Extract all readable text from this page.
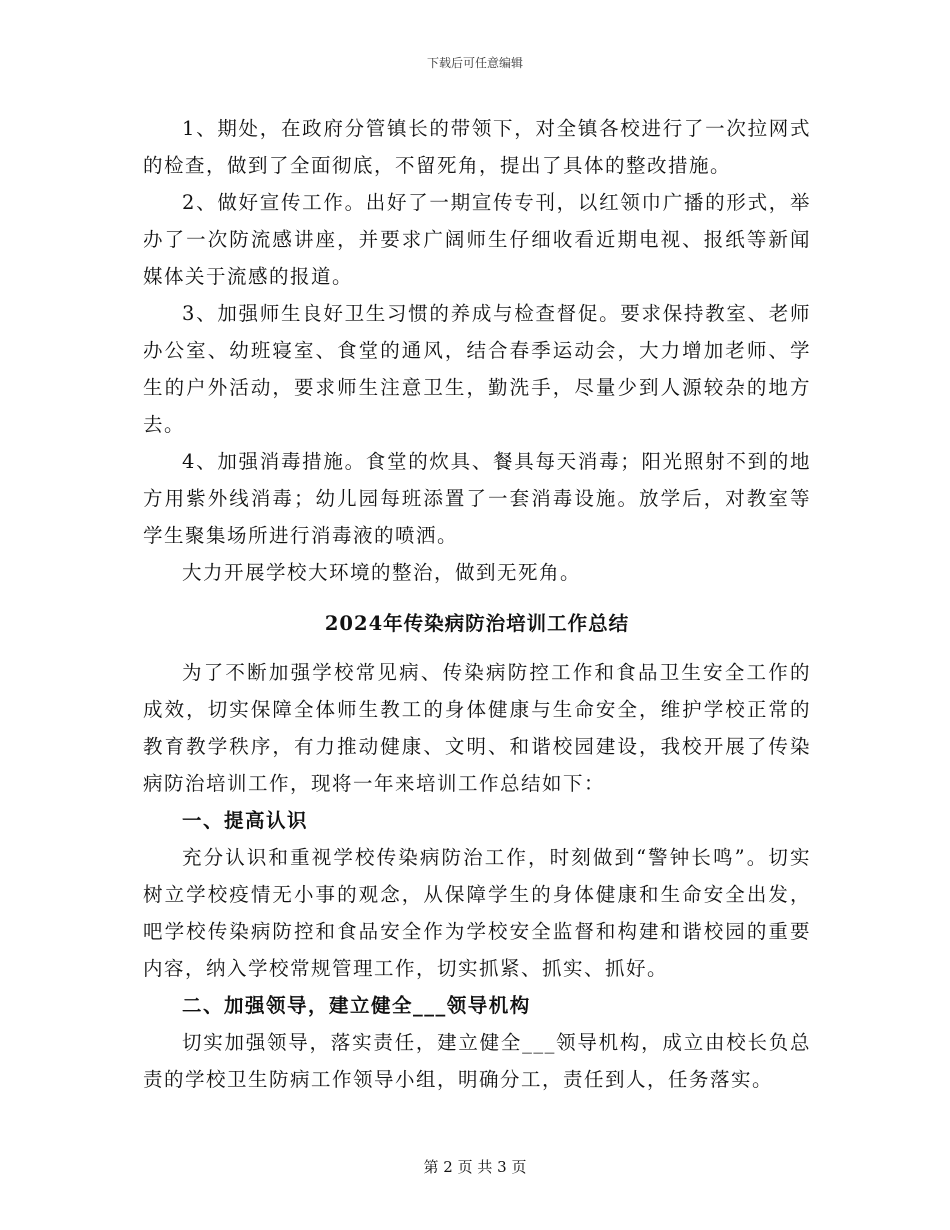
下载后可任意编辑

1、期处，在政府分管镇长的带领下，对全镇各校进行了一次拉网式的检查，做到了全面彻底，不留死角，提出了具体的整改措施。

2、做好宣传工作。出好了一期宣传专刊，以红领巾广播的形式，举办了一次防流感讲座，并要求广阔师生仔细收看近期电视、报纸等新闻媒体关于流感的报道。

3、加强师生良好卫生习惯的养成与检查督促。要求保持教室、老师办公室、幼班寝室、食堂的通风，结合春季运动会，大力增加老师、学生的户外活动，要求师生注意卫生，勤洗手，尽量少到人源较杂的地方去。

4、加强消毒措施。食堂的炊具、餐具每天消毒；阳光照射不到的地方用紫外线消毒；幼儿园每班添置了一套消毒设施。放学后，对教室等学生聚集场所进行消毒液的喷洒。

大力开展学校大环境的整治，做到无死角。

2024年传染病防治培训工作总结

为了不断加强学校常见病、传染病防控工作和食品卫生安全工作的成效，切实保障全体师生教工的身体健康与生命安全，维护学校正常的教育教学秩序，有力推动健康、文明、和谐校园建设，我校开展了传染病防治培训工作，现将一年来培训工作总结如下：

一、提高认识

充分认识和重视学校传染病防治工作，时刻做到“警钟长鸣”。切实树立学校疫情无小事的观念，从保障学生的身体健康和生命安全出发，吧学校传染病防控和食品安全作为学校安全监督和构建和谐校园的重要内容，纳入学校常规管理工作，切实抓紧、抓实、抓好。

二、加强领导，建立健全___领导机构

切实加强领导，落实责任，建立健全___领导机构，成立由校长负总责的学校卫生防病工作领导小组，明确分工，责任到人，任务落实。

第 2 页 共 3 页
